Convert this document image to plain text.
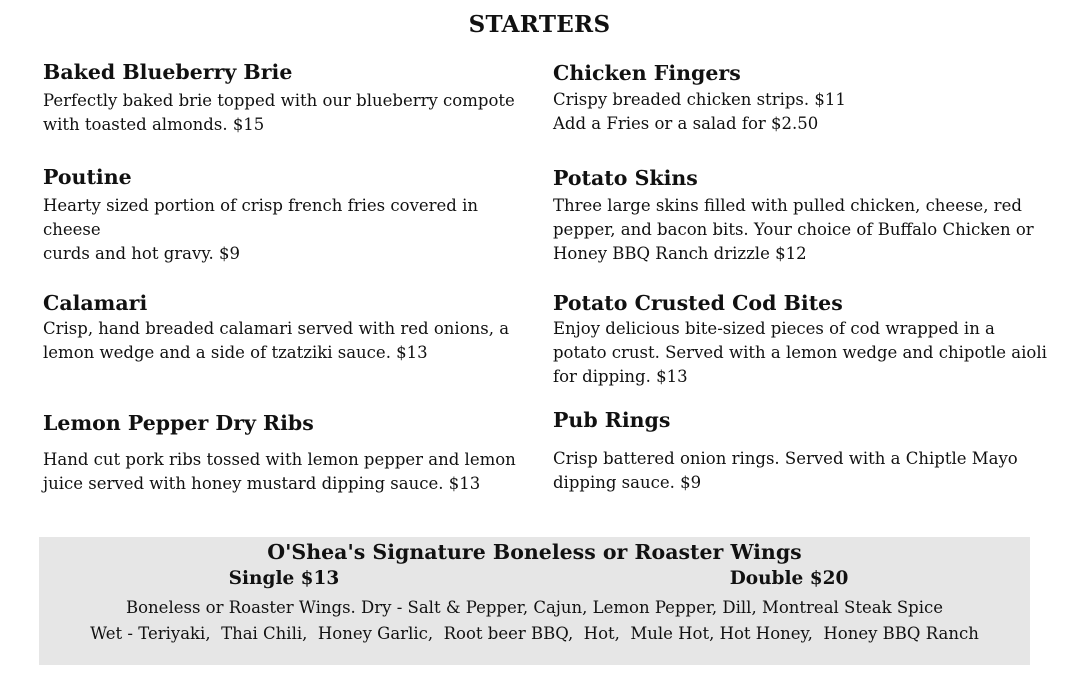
STARTERS

Baked Blueberry Brie

Perfectly baked brie topped with our blueberry compote
with toasted almonds. $15

Poutine

Hearty sized portion of crisp french fries covered in cheese
curds and hot gravy. $9

Calamari

Crisp, hand breaded calamari served with red onions, a
lemon wedge and a side of tzatziki sauce. $13

Lemon Pepper Dry Ribs

Hand cut pork ribs tossed with lemon pepper and lemon
juice served with honey mustard dipping sauce. $13

Chicken Fingers

Crispy breaded chicken strips. $11
Add a Fries or a salad for $2.50

Potato Skins

Three large skins filled with pulled chicken, cheese, red
pepper, and bacon bits. Your choice of Buffalo Chicken or
Honey BBQ Ranch drizzle $12

Potato Crusted Cod Bites

Enjoy delicious bite-sized pieces of cod wrapped in a
potato crust. Served with a lemon wedge and chipotle aioli
for dipping. $13

Pub Rings

Crisp battered onion rings. Served with a Chiptle Mayo
dipping sauce. $9

O'Shea's Signature Boneless or Roaster Wings

Single $13	Double $20
Boneless or Roaster Wings. Dry - Salt & Pepper, Cajun, Lemon Pepper, Dill, Montreal Steak Spice
Wet - Teriyaki,  Thai Chili,  Honey Garlic,  Root beer BBQ,  Hot,  Mule Hot, Hot Honey,  Honey BBQ Ranch
